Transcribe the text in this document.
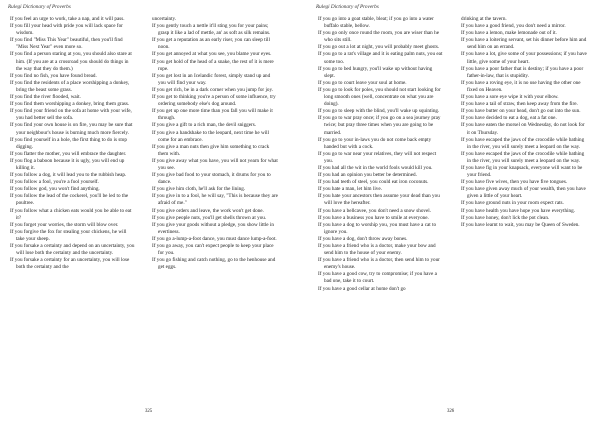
Rulegi Dictionary of Proverbs

If you feel an urge to work, take a nap, and it will pass.

If you fill your head with pride you will lack space for wisdom.

If you find "Miss This Year" beautiful, then you'll find "Miss Next Year" even more so.

If you find a person staring at you, you should also stare at him. (If you are at a crossroad you should do things in the way that they do them.)

If you find no fish, you have found bread.

If you find the residents of a place worshipping a donkey, bring the beast some grass.

If you find the river flooded, wait.

If you find them worshipping a donkey, bring them grass.

If you find your friend on the sofa at home with your wife, you had better sell the sofa.

If you find your own house is on fire, you may be sure that your neighbour's house is burning much more fiercely.

If you find yourself in a hole, the first thing to do is stop digging.

If you flatter the mother, you will embrace the daughter.

If you flog a baboon because it is ugly, you will end up killing it.

If you follow a dog, it will lead you to the rubbish heap.

If you follow a fool, you're a fool yourself.

If you follow god, you won't find anything.

If you follow the lead of the cockerel, you'll be led to the poultree.

If you follow what a chicken eats would you be able to eat it?

If you forget your worries, the storm will blow over.

If you forgive the fox for stealing your chickens, he will take your sheep.

If you forsake a certainty and depend on an uncertainty, you will lose both the certainty and the uncertainty.

If you forsake a certainty for an uncertainty, you will lose both the certainty and the

uncertainty.

If you gently touch a nettle it'll sting you for your pains; grasp it like a lad of mettle, an' as soft as silk remains.

If you get a reputation as an early riser, you can sleep till noon.

If you get annoyed at what you see, you blame your eyes.

If you get hold of the head of a snake, the rest of it is mere rope.

If you get lost in an Icelandic forest, simply stand up and you will find your way.

If you get rich, be in a dark corner when you jump for joy.

If you get to thinking you're a person of some influence, try ordering somebody else's dog around.

If you get up one more time than you fall you will make it through.

If you give a gift to a rich man, the devil sniggers.

If you give a handshake to the leopard, next time he will come for an embrace.

If you give a man nuts then give him something to crack them with.

If you give away what you have, you will not yearn for what you see.

If you give bad food to your stomach, it drums for you to dance.

If you give him cloth, he'll ask for the lining.

If you give in to a fool, he will say, "This is because they are afraid of me."

If you give orders and leave, the work won't get done.

If you give people nuts, you'll get shells thrown at you.

If you give your goods without a pledge, you show little in evertiness.

If you go a-lump-a-foot dance, you must dance lump-a-foot.

If you go away, you can't expect people to keep your place for you.

If you go fishing and catch nothing, go to the henhouse and get eggs.

325
Rulegi Dictionary of Proverbs

If you go into a goat stable, bleat; if you go into a water buffalo stable, bellow.

If you go only once round the room, you are wiser than he who sits still.

If you go out a lot at night, you will probably meet ghosts.

If you go to a rat's village and it is eating palm nuts, you eat some too.

If you go to bed hungry, you'll wake up without having slept.

If you go to court leave your soul at home.

If you go to look for poles, you should not start looking for long smooth ones (well, concentrate on what you are doing).

If you go to sleep with the blind, you'll wake up squinting.

If you go to war pray once; if you go on a sea journey pray twice; but pray three times when you are going to be married.

If you go to your in-laws you do not come back empty handed but with a cock.

If you go to war near your relatives, they will not respect you.

If you had all the wit in the world fools would kill you.

If you had an opinion you better be determined.

If you had teeth of steel, you could eat iron coconuts.

If you hate a man, let him live.

If you hate your ancestors then assume your dead than you will love the hereafter.

If you have a bellcavee, you don't need a snow shovel.

If you have a business you have to smile at everyone.

If you have a dog to worship you, you must have a cat to ignore you.

If you have a dog, don't throw away bones.

If you have a friend who is a doctor, make your bow and send him to the house of your enemy.

If you have a friend who is a doctor, then send him to your enemy's house.

If you have a good cow, try to compromise; if you have a bad one, take it to court.

If you have a good cellar at home don't go

drinking at the tavern.

If you have a good friend, you don't need a mirror.

If you have a lemon, make lemonade out of it.

If you have a loitering servant, set his dinner before him and send him on an errand.

If you have a lot, give some of your possessions; if you have little, give some of your heart.

If you have a poor father that is destiny; if you have a poor father-in-law, that is stupidity.

If you have a roving eye, it is no use having the other one fixed on Heaven.

If you have a sore eye wipe it with your elbow.

If you have a tail of straw, then keep away from the fire.

If you have butter on your head, don't go out into the sun.

If you have decided to eat a dog, eat a fat one.

If you have eaten the morsel on Wednesday, do not look for it on Thursday.

If you have escaped the jaws of the crocodile while bathing in the river, you will surely meet a leopard on the way.

If you have escaped the jaws of the crocodile while bathing in the river, you will surely meet a leopard on the way.

If you have fig in your knapsack, everyone will want to be your friend.

If you have five wives, then you have five tongues.

If you have given away much of your wealth, then you have given a little of your heart.

If you have ground nuts in your room expect rats.

If you have health you have hope you have everything.

If you have honey, don't lick the pot clean.

If you have learnt to wait, you may be Queen of Sweden.

326
